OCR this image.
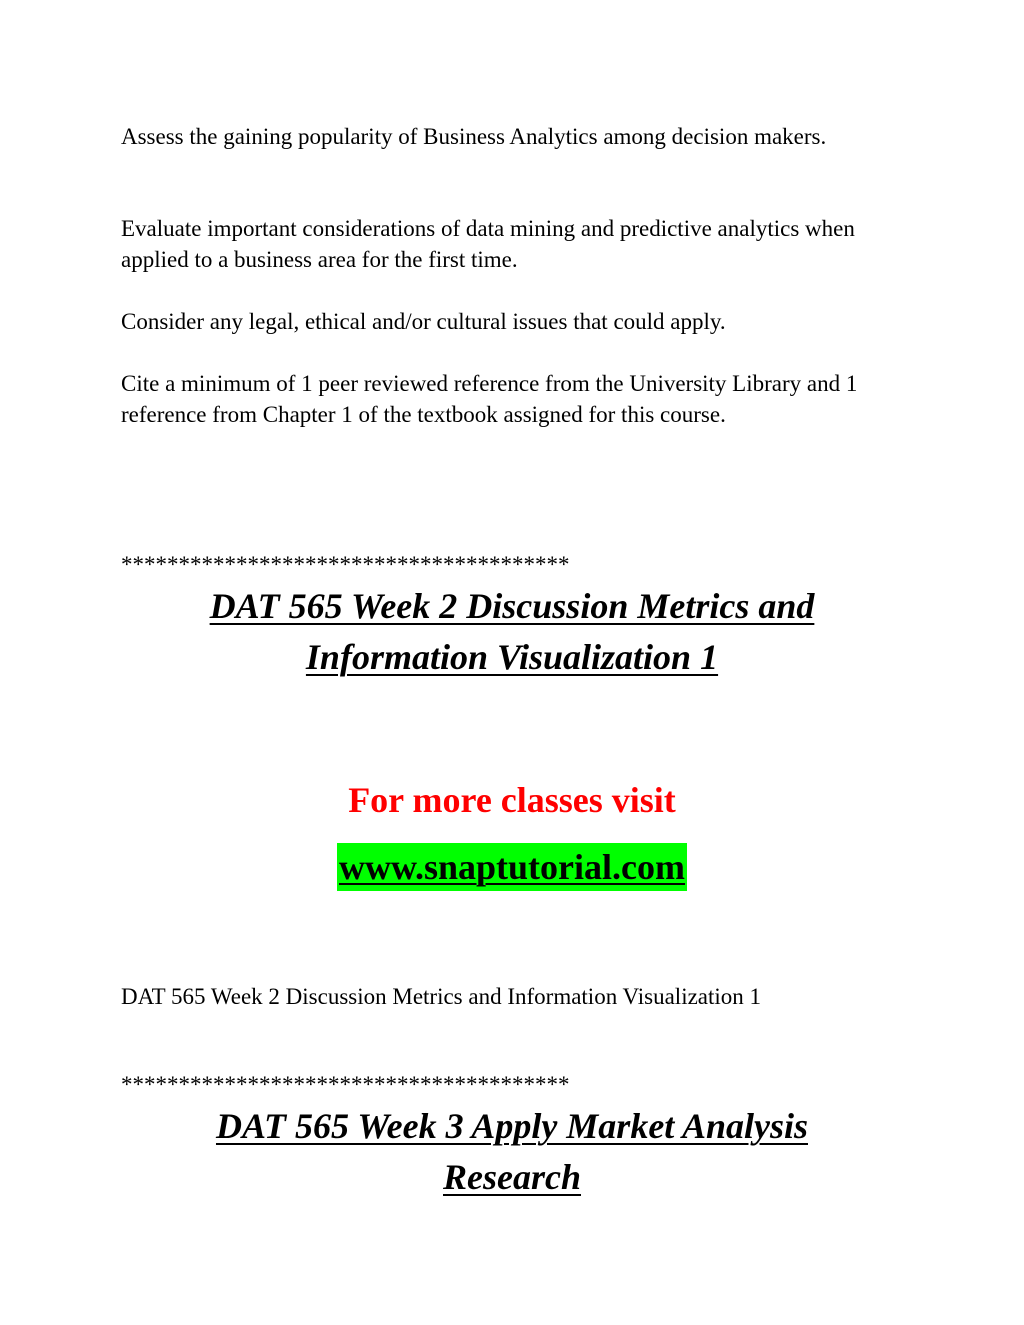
Assess the gaining popularity of Business Analytics among decision makers.

Evaluate important considerations of data mining and predictive analytics when applied to a business area for the first time.

Consider any legal, ethical and/or cultural issues that could apply.

Cite a minimum of 1 peer reviewed reference from the University Library and 1 reference from Chapter 1 of the textbook assigned for this course.

***************************************

DAT 565 Week 2 Discussion Metrics and

Information Visualization 1

For more classes visit

www.snaptutorial.com

DAT 565 Week 2 Discussion Metrics and Information Visualization 1

***************************************

DAT 565 Week 3 Apply Market Analysis

Research
